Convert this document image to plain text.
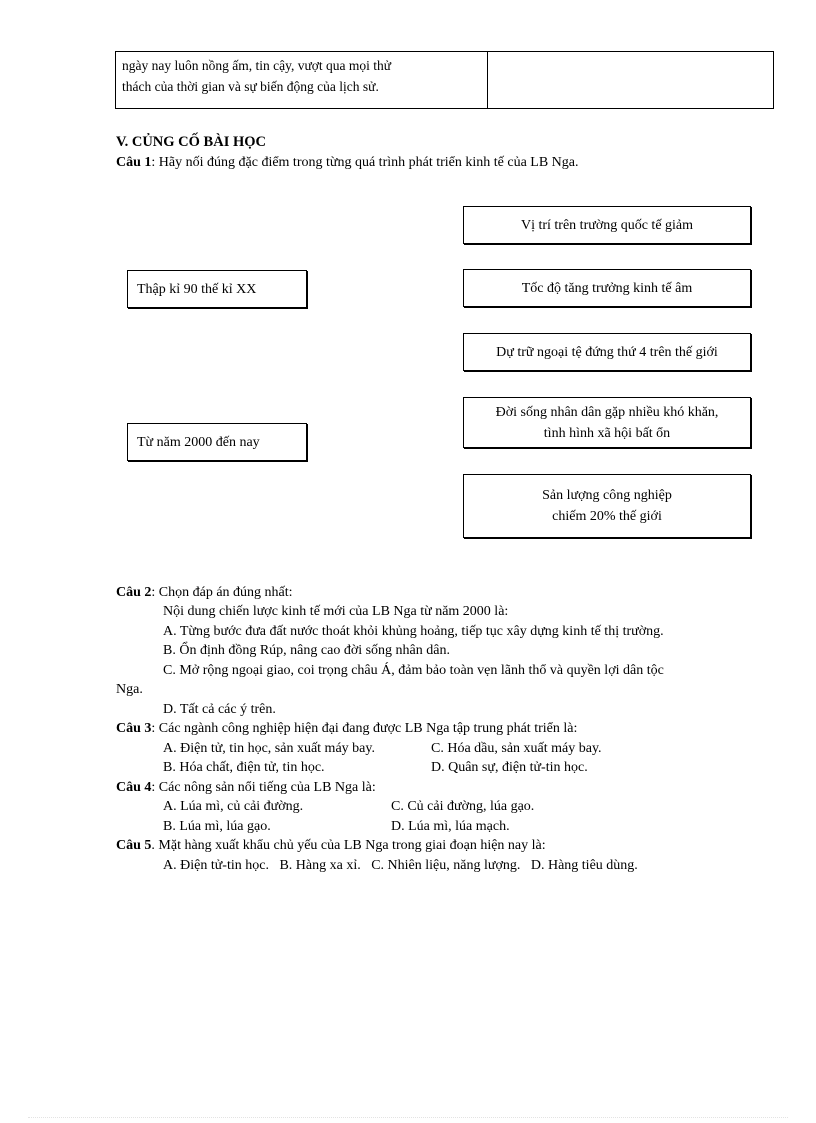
ngày nay luôn nồng ấm, tin cậy, vượt qua mọi thử
thách của thời gian và sự biến động của lịch sử.
V. CỦNG CỐ BÀI HỌC
Câu 1: Hãy nối đúng đặc điểm trong từng quá trình phát triển kinh tế của LB Nga.
Thập kỉ 90 thế kỉ XX
Từ năm 2000 đến nay
Vị trí trên trường quốc tế giảm
Tốc độ tăng trưởng kinh tế âm
Dự trữ ngoại tệ đứng thứ 4 trên thế giới
Đời sống nhân dân gặp nhiều khó khăn,
tình hình xã hội bất ổn
Sản lượng công nghiệp
chiếm 20% thế giới
Câu 2: Chọn đáp án đúng nhất:
Nội dung chiến lược kinh tế mới của LB Nga từ năm 2000 là:
A. Từng bước đưa đất nước thoát khỏi khủng hoảng, tiếp tục xây dựng kinh tế thị trường.
B. Ổn định đồng Rúp, nâng cao đời sống nhân dân.
C. Mở rộng ngoại giao, coi trọng châu Á, đảm bảo toàn vẹn lãnh thổ và quyền lợi dân tộc
Nga.
D. Tất cả các ý trên.
Câu 3: Các ngành công nghiệp hiện đại đang được LB Nga tập trung phát triển là:
A. Điện tử, tin học, sản xuất máy bay.	C. Hóa dầu, sản xuất máy bay.
B. Hóa chất, điện tử, tin học.	D. Quân sự, điện tử-tin học.
Câu 4: Các nông sản nổi tiếng của LB Nga là:
A. Lúa mì, củ cải đường.	C. Củ cải đường, lúa gạo.
B. Lúa mì, lúa gạo.	D. Lúa mì, lúa mạch.
Câu 5. Mặt hàng xuất khẩu chủ yếu của LB Nga trong giai đoạn hiện nay là:
A. Điện tử-tin học.   B. Hàng xa xỉ.   C. Nhiên liệu, năng lượng.   D. Hàng tiêu dùng.
